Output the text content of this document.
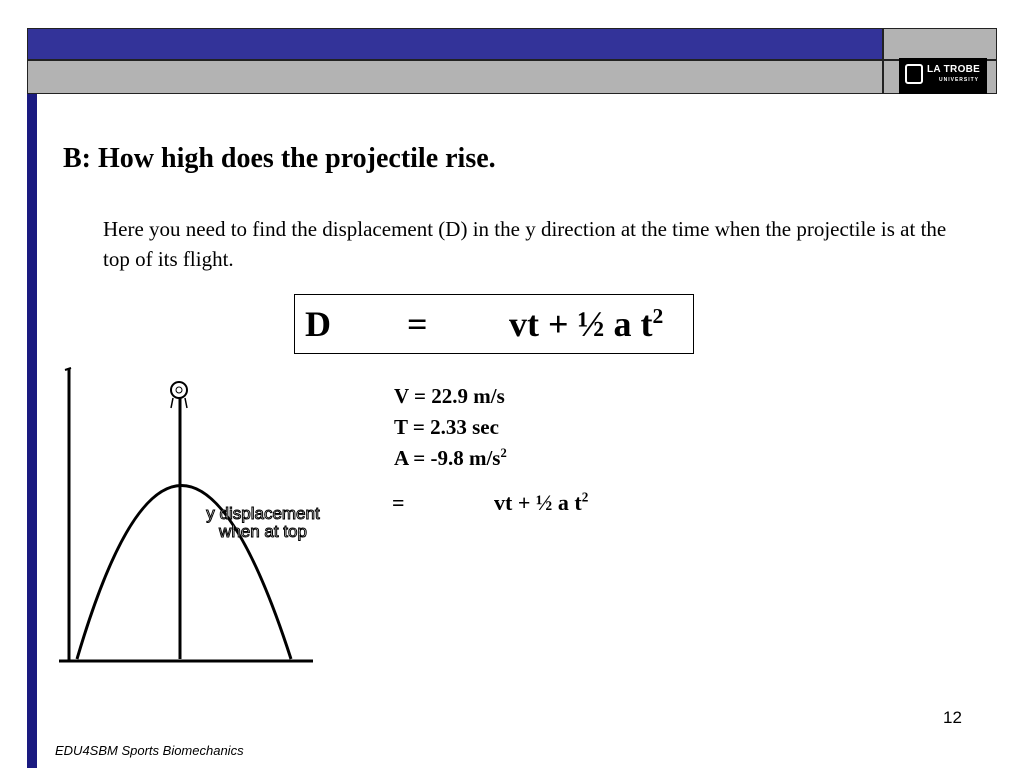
LA TROBE
UNIVERSITY
B: How high does the projectile rise.
Here you need to find the displacement (D) in the y direction at the time when the projectile is at the top of its flight.
D = vt + ½ a $t^2$
V = 22.9 m/s
T = 2.33 sec
A = -9.8 $m/s^2$
=	vt + ½ a $t^2$
y displacement
when at top
12
EDU4SBM Sports Biomechanics
